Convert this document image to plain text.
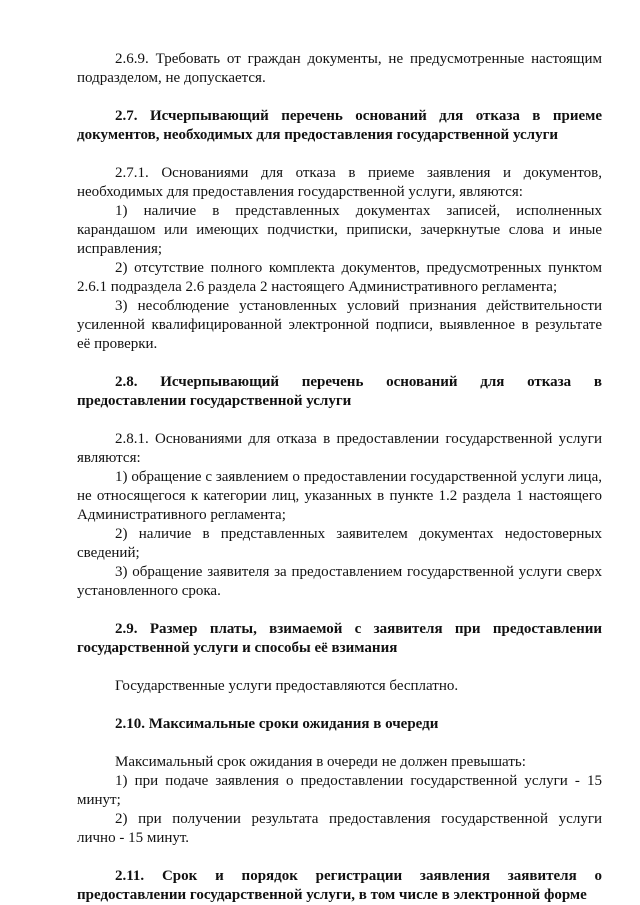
2.6.9. Требовать от граждан документы, не предусмотренные настоящим подразделом, не допускается.

2.7. Исчерпывающий перечень оснований для отказа в приеме документов, необходимых для предоставления государственной услуги

2.7.1. Основаниями для отказа в приеме заявления и документов, необходимых для предоставления государственной услуги, являются:

1) наличие в представленных документах записей, исполненных карандашом или имеющих подчистки, приписки, зачеркнутые слова и иные исправления;

2) отсутствие полного комплекта документов, предусмотренных пунктом 2.6.1 подраздела 2.6 раздела 2 настоящего Административного регламента;

3) несоблюдение установленных условий признания действительности усиленной квалифицированной электронной подписи, выявленное в результате её проверки.

2.8. Исчерпывающий перечень оснований для отказа в

предоставлении государственной услуги

2.8.1. Основаниями для отказа в предоставлении государственной услуги являются:

1) обращение с заявлением о предоставлении государственной услуги лица, не относящегося к категории лиц, указанных в пункте 1.2 раздела 1 настоящего Административного регламента;

2) наличие в представленных заявителем документах недостоверных сведений;

3) обращение заявителя за предоставлением государственной услуги сверх установленного срока.

2.9. Размер платы, взимаемой с заявителя при предоставлении государственной услуги и способы её взимания

Государственные услуги предоставляются бесплатно.

2.10. Максимальные сроки ожидания в очереди

Максимальный срок ожидания в очереди не должен превышать:

1) при подаче заявления о предоставлении государственной услуги - 15 минут;

2) при получении результата предоставления государственной услуги лично - 15 минут.

2.11. Срок и порядок регистрации заявления заявителя о

предоставлении государственной услуги, в том числе в электронной форме
